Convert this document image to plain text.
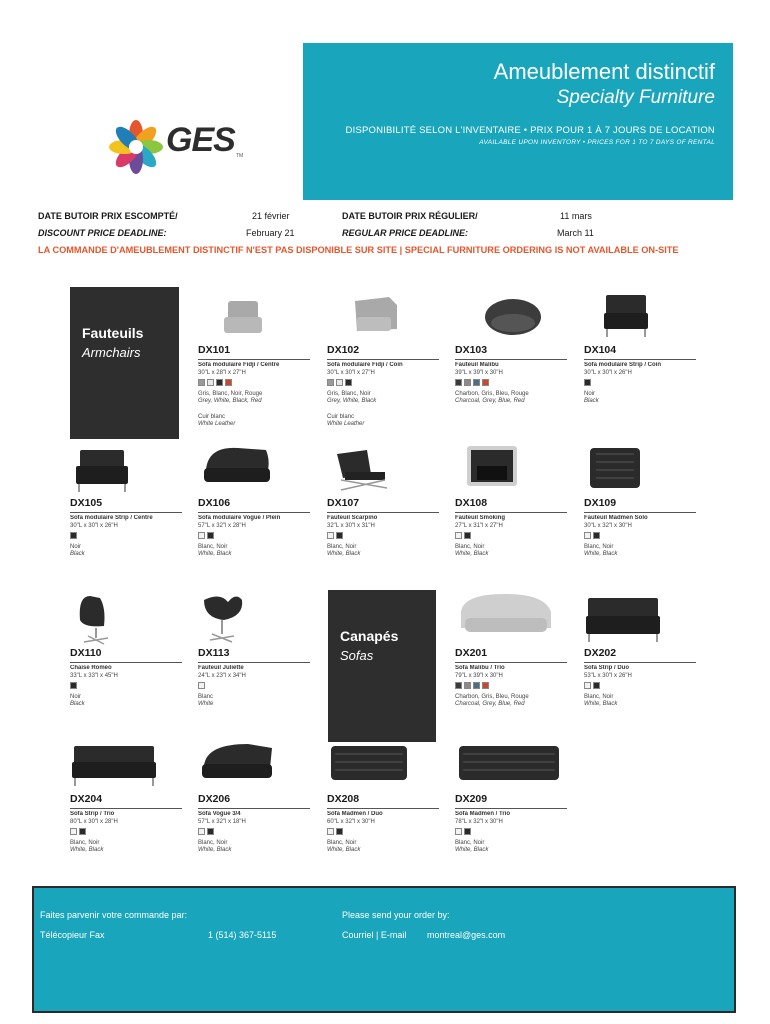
GES TM
Ameublement distinctif
Specialty Furniture
DISPONIBILITÉ SELON L'INVENTAIRE • PRIX POUR 1 À 7 JOURS DE LOCATION
AVAILABLE UPON INVENTORY • PRICES FOR 1 TO 7 DAYS OF RENTAL
DATE BUTOIR PRIX ESCOMPTÉ/
DISCOUNT PRICE DEADLINE:
21 février
February 21
DATE BUTOIR PRIX RÉGULIER/
REGULAR PRICE DEADLINE:
11 mars
March 11
LA COMMANDE D'AMEUBLEMENT DISTINCTIF N'EST PAS DISPONIBLE SUR SITE | SPECIAL FURNITURE ORDERING IS NOT AVAILABLE ON-SITE
Fauteuils
Armchairs
Canapés
Sofas
DX101
Sofa modulaire Fidji / Centre
30"L x 28"l x 27"H
Gris, Blanc, Noir, Rouge
Grey, White, Black, Red
Cuir blanc
White Leather
DX102
Sofa modulaire Fidji / Coin
30"L x 30"l x 27"H
Gris, Blanc, Noir
Grey, White, Black
Cuir blanc
White Leather
DX103
Fauteuil Malibu
39"L x 39"l x 30"H
Charbon, Gris, Bleu, Rouge
Charcoal, Grey, Blue, Red
DX104
Sofa modulaire Strip / Coin
30"L x 30"l x 26"H
Noir
Black
DX105
Sofa modulaire Strip / Centre
30"L x 30"l x 26"H
Noir
Black
DX106
Sofa modulaire Vogue / Plein
57"L x 32"l x 28"H
Blanc, Noir
White, Black
DX107
Fauteuil Scarpino
32"L x 30"l x 31"H
Blanc, Noir
White, Black
DX108
Fauteuil Smoking
27"L x 31"l x 27"H
Blanc, Noir
White, Black
DX109
Fauteuil Madmen Solo
30"L x 32"l x 30"H
Blanc, Noir
White, Black
DX110
Chaise Roméo
33"L x 33"l x 45"H
Noir
Black
DX113
Fauteuil Juliette
24"L x 23"l x 34"H
Blanc
White
DX201
Sofa Malibu / Trio
79"L x 39"l x 30"H
Charbon, Gris, Bleu, Rouge
Charcoal, Grey, Blue, Red
DX202
Sofa Strip / Duo
53"L x 30"l x 26"H
Blanc, Noir
White, Black
DX204
Sofa Strip / Trio
80"L x 30"l x 28"H
Blanc, Noir
White, Black
DX206
Sofa Vogue 3/4
57"L x 32"l x 18"H
Blanc, Noir
White, Black
DX208
Sofa Madmen / Duo
60"L x 32"l x 30"H
Blanc, Noir
White, Black
DX209
Sofa Madmen / Trio
78"L x 32"l x 30"H
Blanc, Noir
White, Black
Faites parvenir votre commande par:	Please send your order by:
Télécopieur Fax	1 (514) 367-5115	Courriel | E-mail montreal@ges.com
